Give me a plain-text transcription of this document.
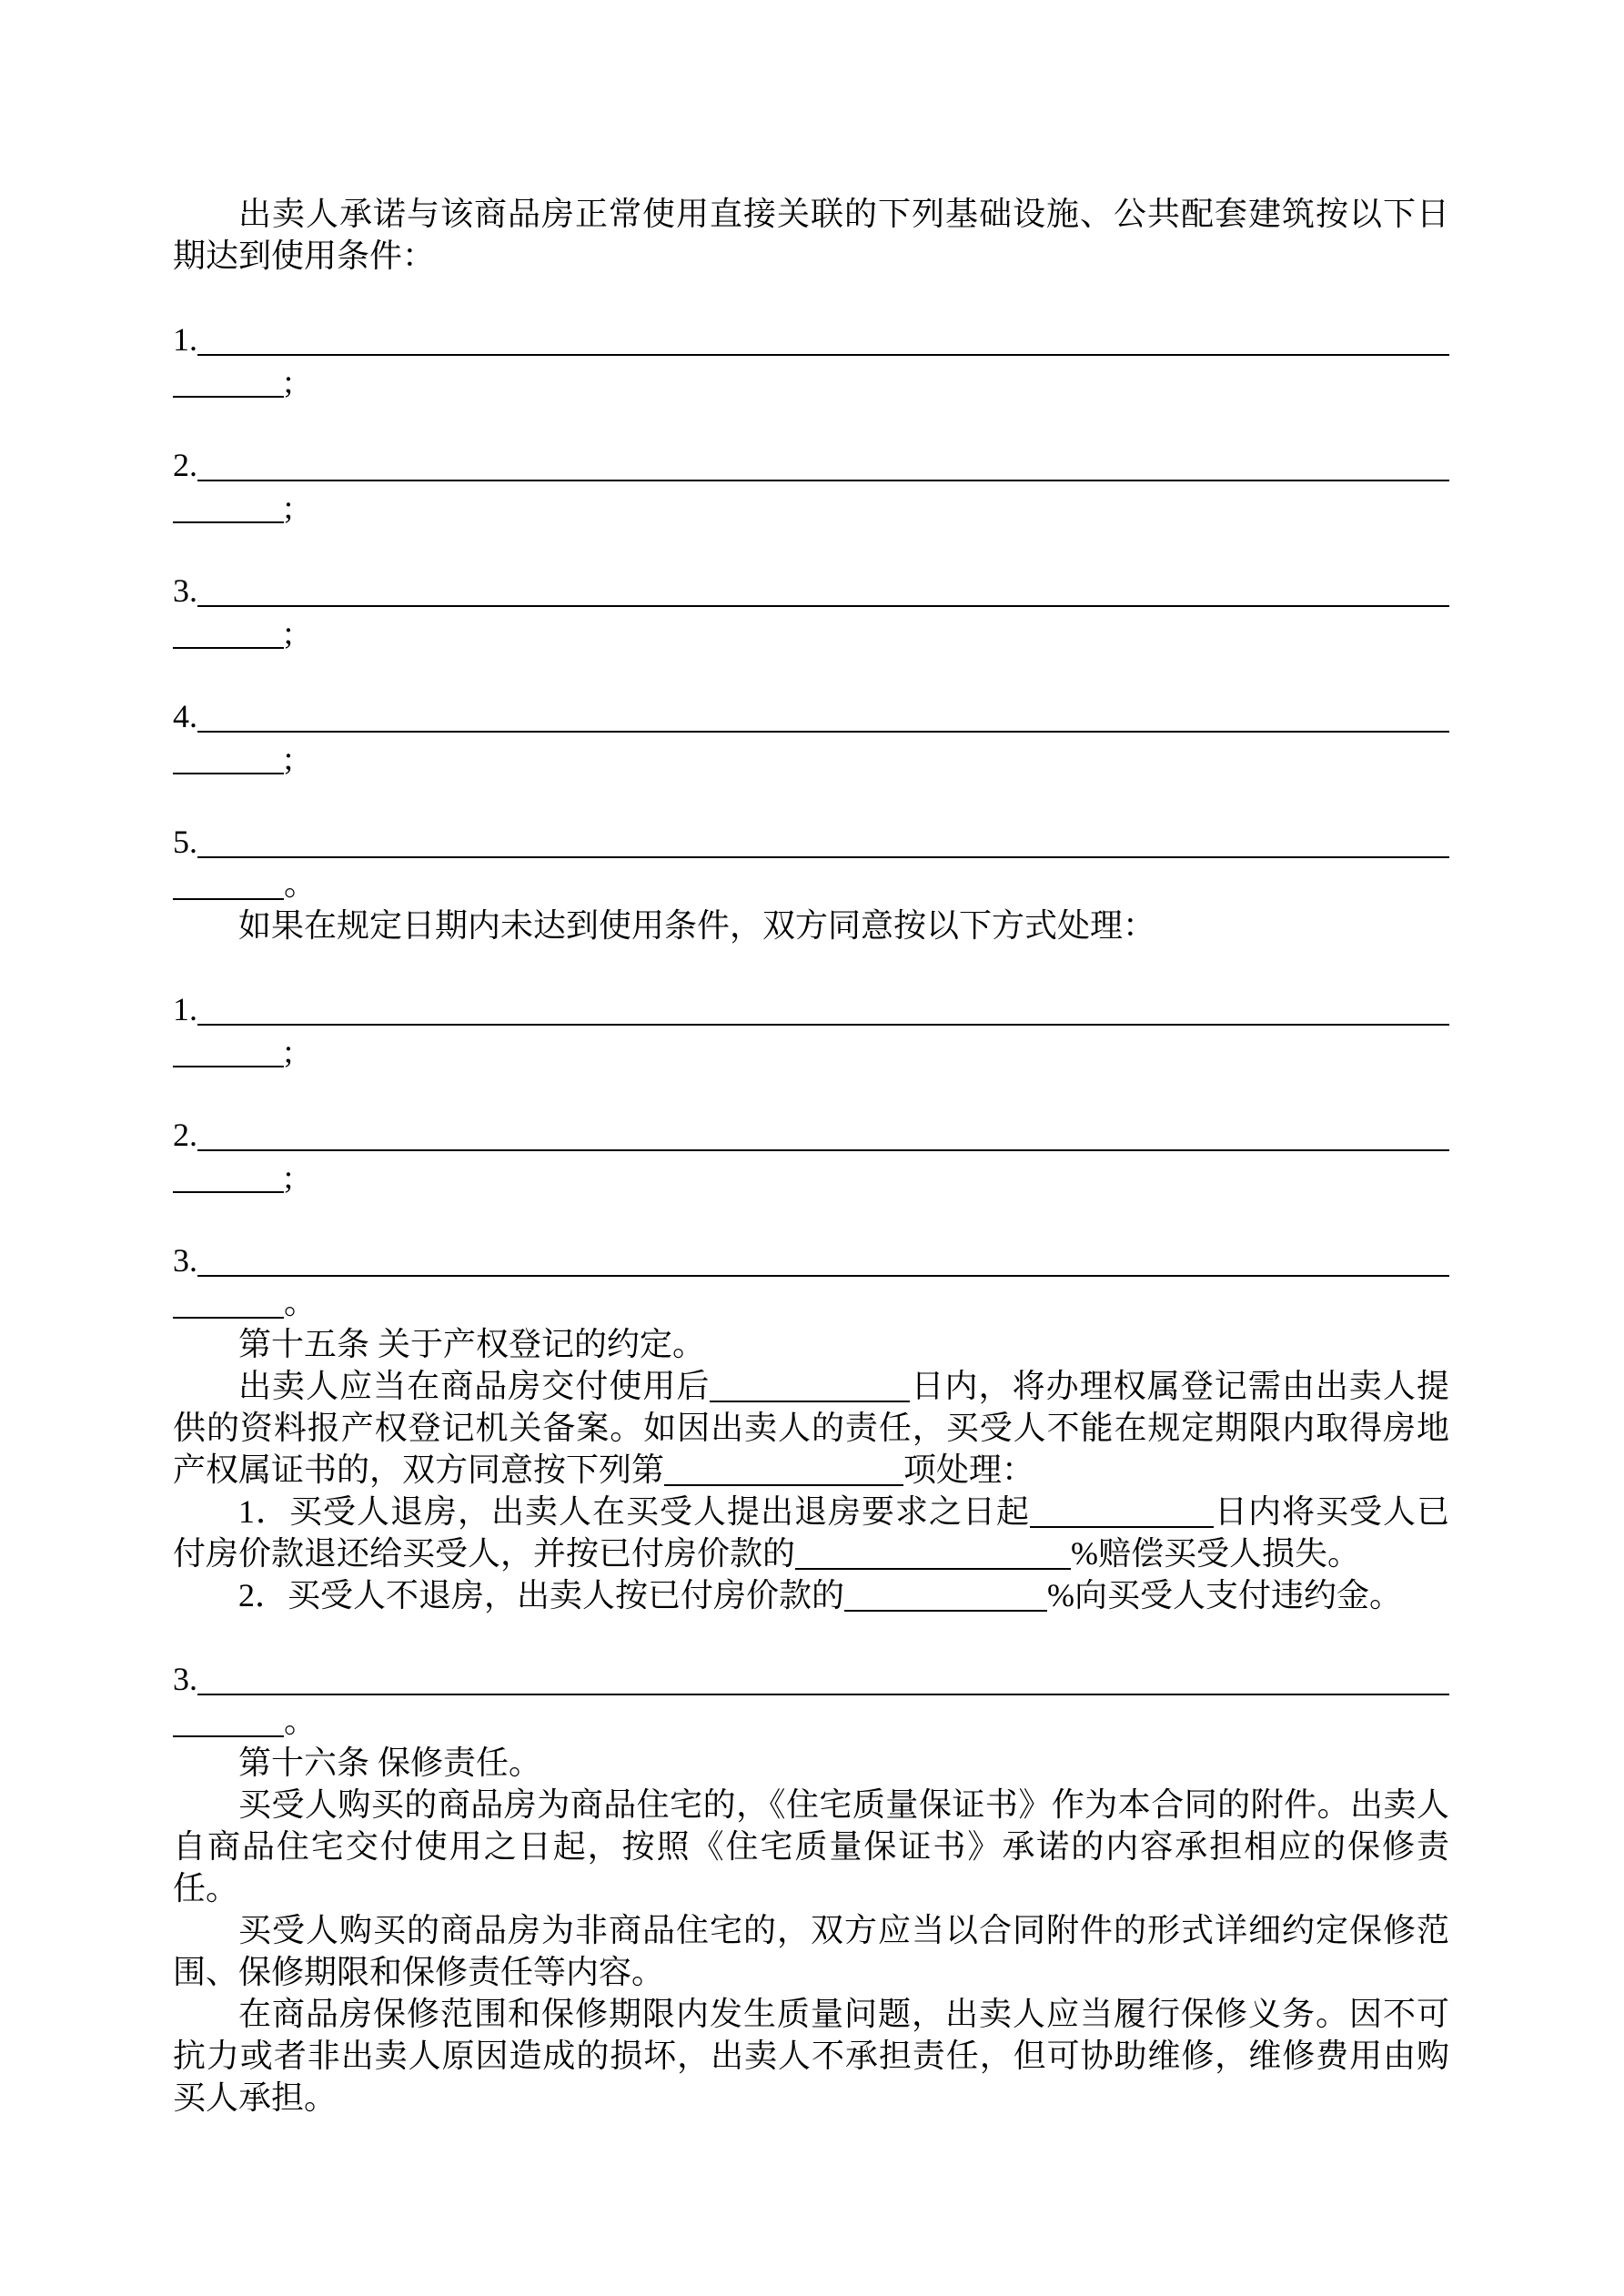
出卖人承诺与该商品房正常使用直接关联的下列基础设施、公共配套建筑按以下日期达到使用条件：

1.
;
2.
;
3.
;
4.
;
5.
。

如果在规定日期内未达到使用条件，双方同意按以下方式处理：

1.
;
2.
;
3.
。

第十五条 关于产权登记的约定。

出卖人应当在商品房交付使用后	日内，将办理权属登记需由出卖人提供的资料报产权登记机关备案。如因出卖人的责任，买受人不能在规定期限内取得房地产权属证书的，双方同意按下列第	项处理：

1．买受人退房，出卖人在买受人提出退房要求之日起	日内将买受人已付房价款退还给买受人，并按已付房价款的	%赔偿买受人损失。

2．买受人不退房，出卖人按已付房价款的	%向买受人支付违约金。

3.
。

第十六条 保修责任。

买受人购买的商品房为商品住宅的，《住宅质量保证书》作为本合同的附件。出卖人自商品住宅交付使用之日起，按照《住宅质量保证书》承诺的内容承担相应的保修责任。

买受人购买的商品房为非商品住宅的，双方应当以合同附件的形式详细约定保修范围、保修期限和保修责任等内容。

在商品房保修范围和保修期限内发生质量问题，出卖人应当履行保修义务。因不可抗力或者非出卖人原因造成的损坏，出卖人不承担责任，但可协助维修，维修费用由购买人承担。
